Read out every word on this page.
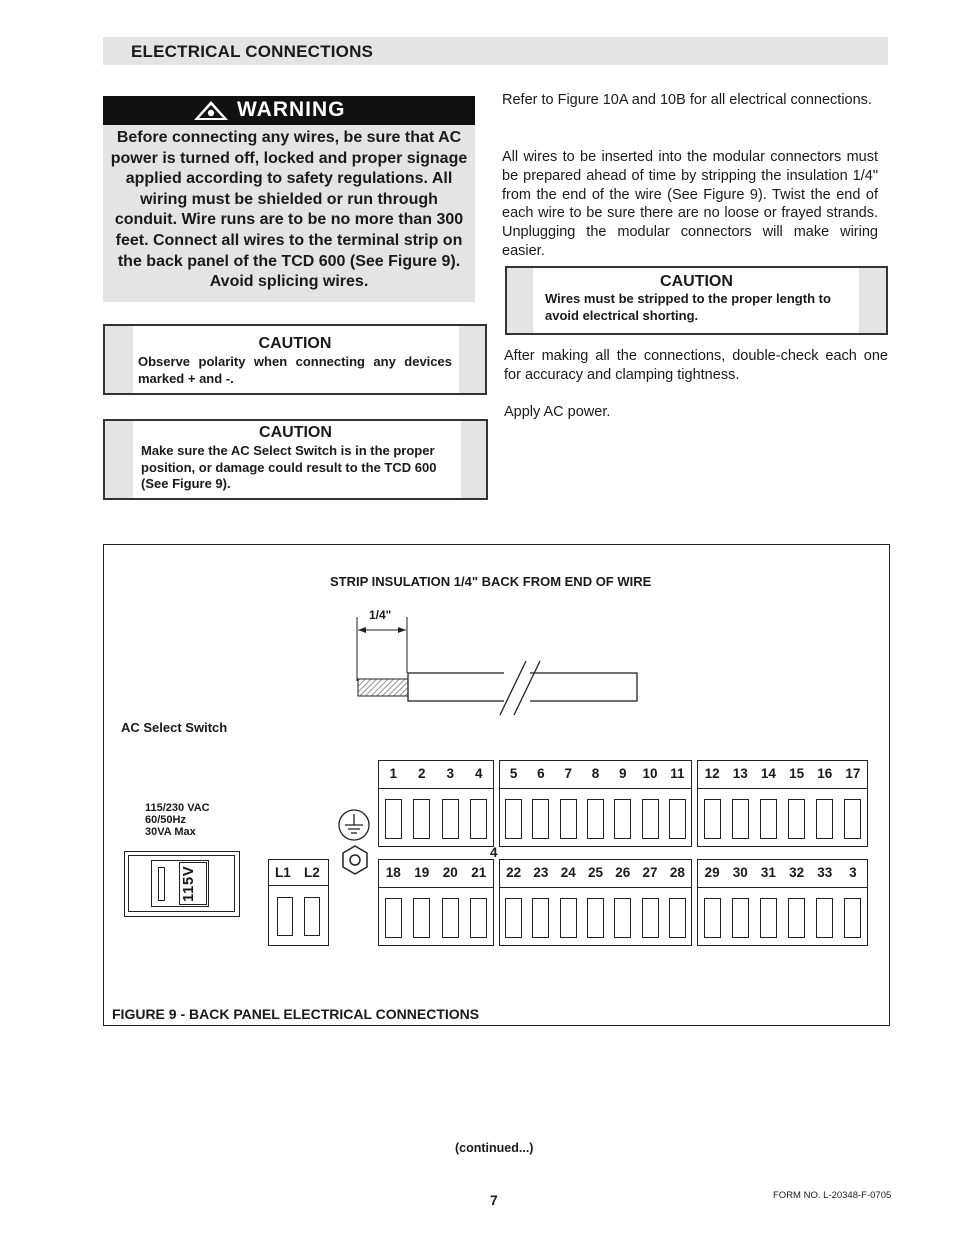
ELECTRICAL CONNECTIONS
WARNING
Before connecting any wires, be sure that AC
power is turned off, locked and proper signage
applied according to safety regulations. All
wiring must be shielded or run through
conduit. Wire runs are to be no more than 300
feet. Connect all wires to the terminal strip on
the back panel of the TCD 600 (See Figure 9).
Avoid splicing wires.
CAUTION
Observe polarity when connecting any devices marked + and -.
CAUTION
Make sure the AC Select Switch is in the proper position, or damage could result to the TCD 600 (See Figure 9).
Refer to Figure 10A and 10B for all electrical connections.
All wires to be inserted into the modular connectors must be prepared ahead of time by stripping the insulation 1/4" from the end of the wire (See Figure 9). Twist the end of each wire to be sure there are no loose or frayed strands. Unplugging the modular connectors will make wiring easier.
CAUTION
Wires must be stripped to the proper length to avoid electrical shorting.
After making all the connections, double-check each one for accuracy and clamping tightness.
Apply AC power.
STRIP INSULATION 1/4" BACK FROM END OF WIRE
1/4"
AC Select Switch
115/230 VAC
60/50Hz
30VA Max
115V	L1 L2
4
1	2	3	4	5	6	7	8	9	10 11	12 13 14 15 16 17
18 19 20 21	22 23 24 25 26 27 28	29 30 31 32 33	3
FIGURE 9 - BACK PANEL ELECTRICAL CONNECTIONS
(continued...)
7	FORM NO. L-20348-F-0705
